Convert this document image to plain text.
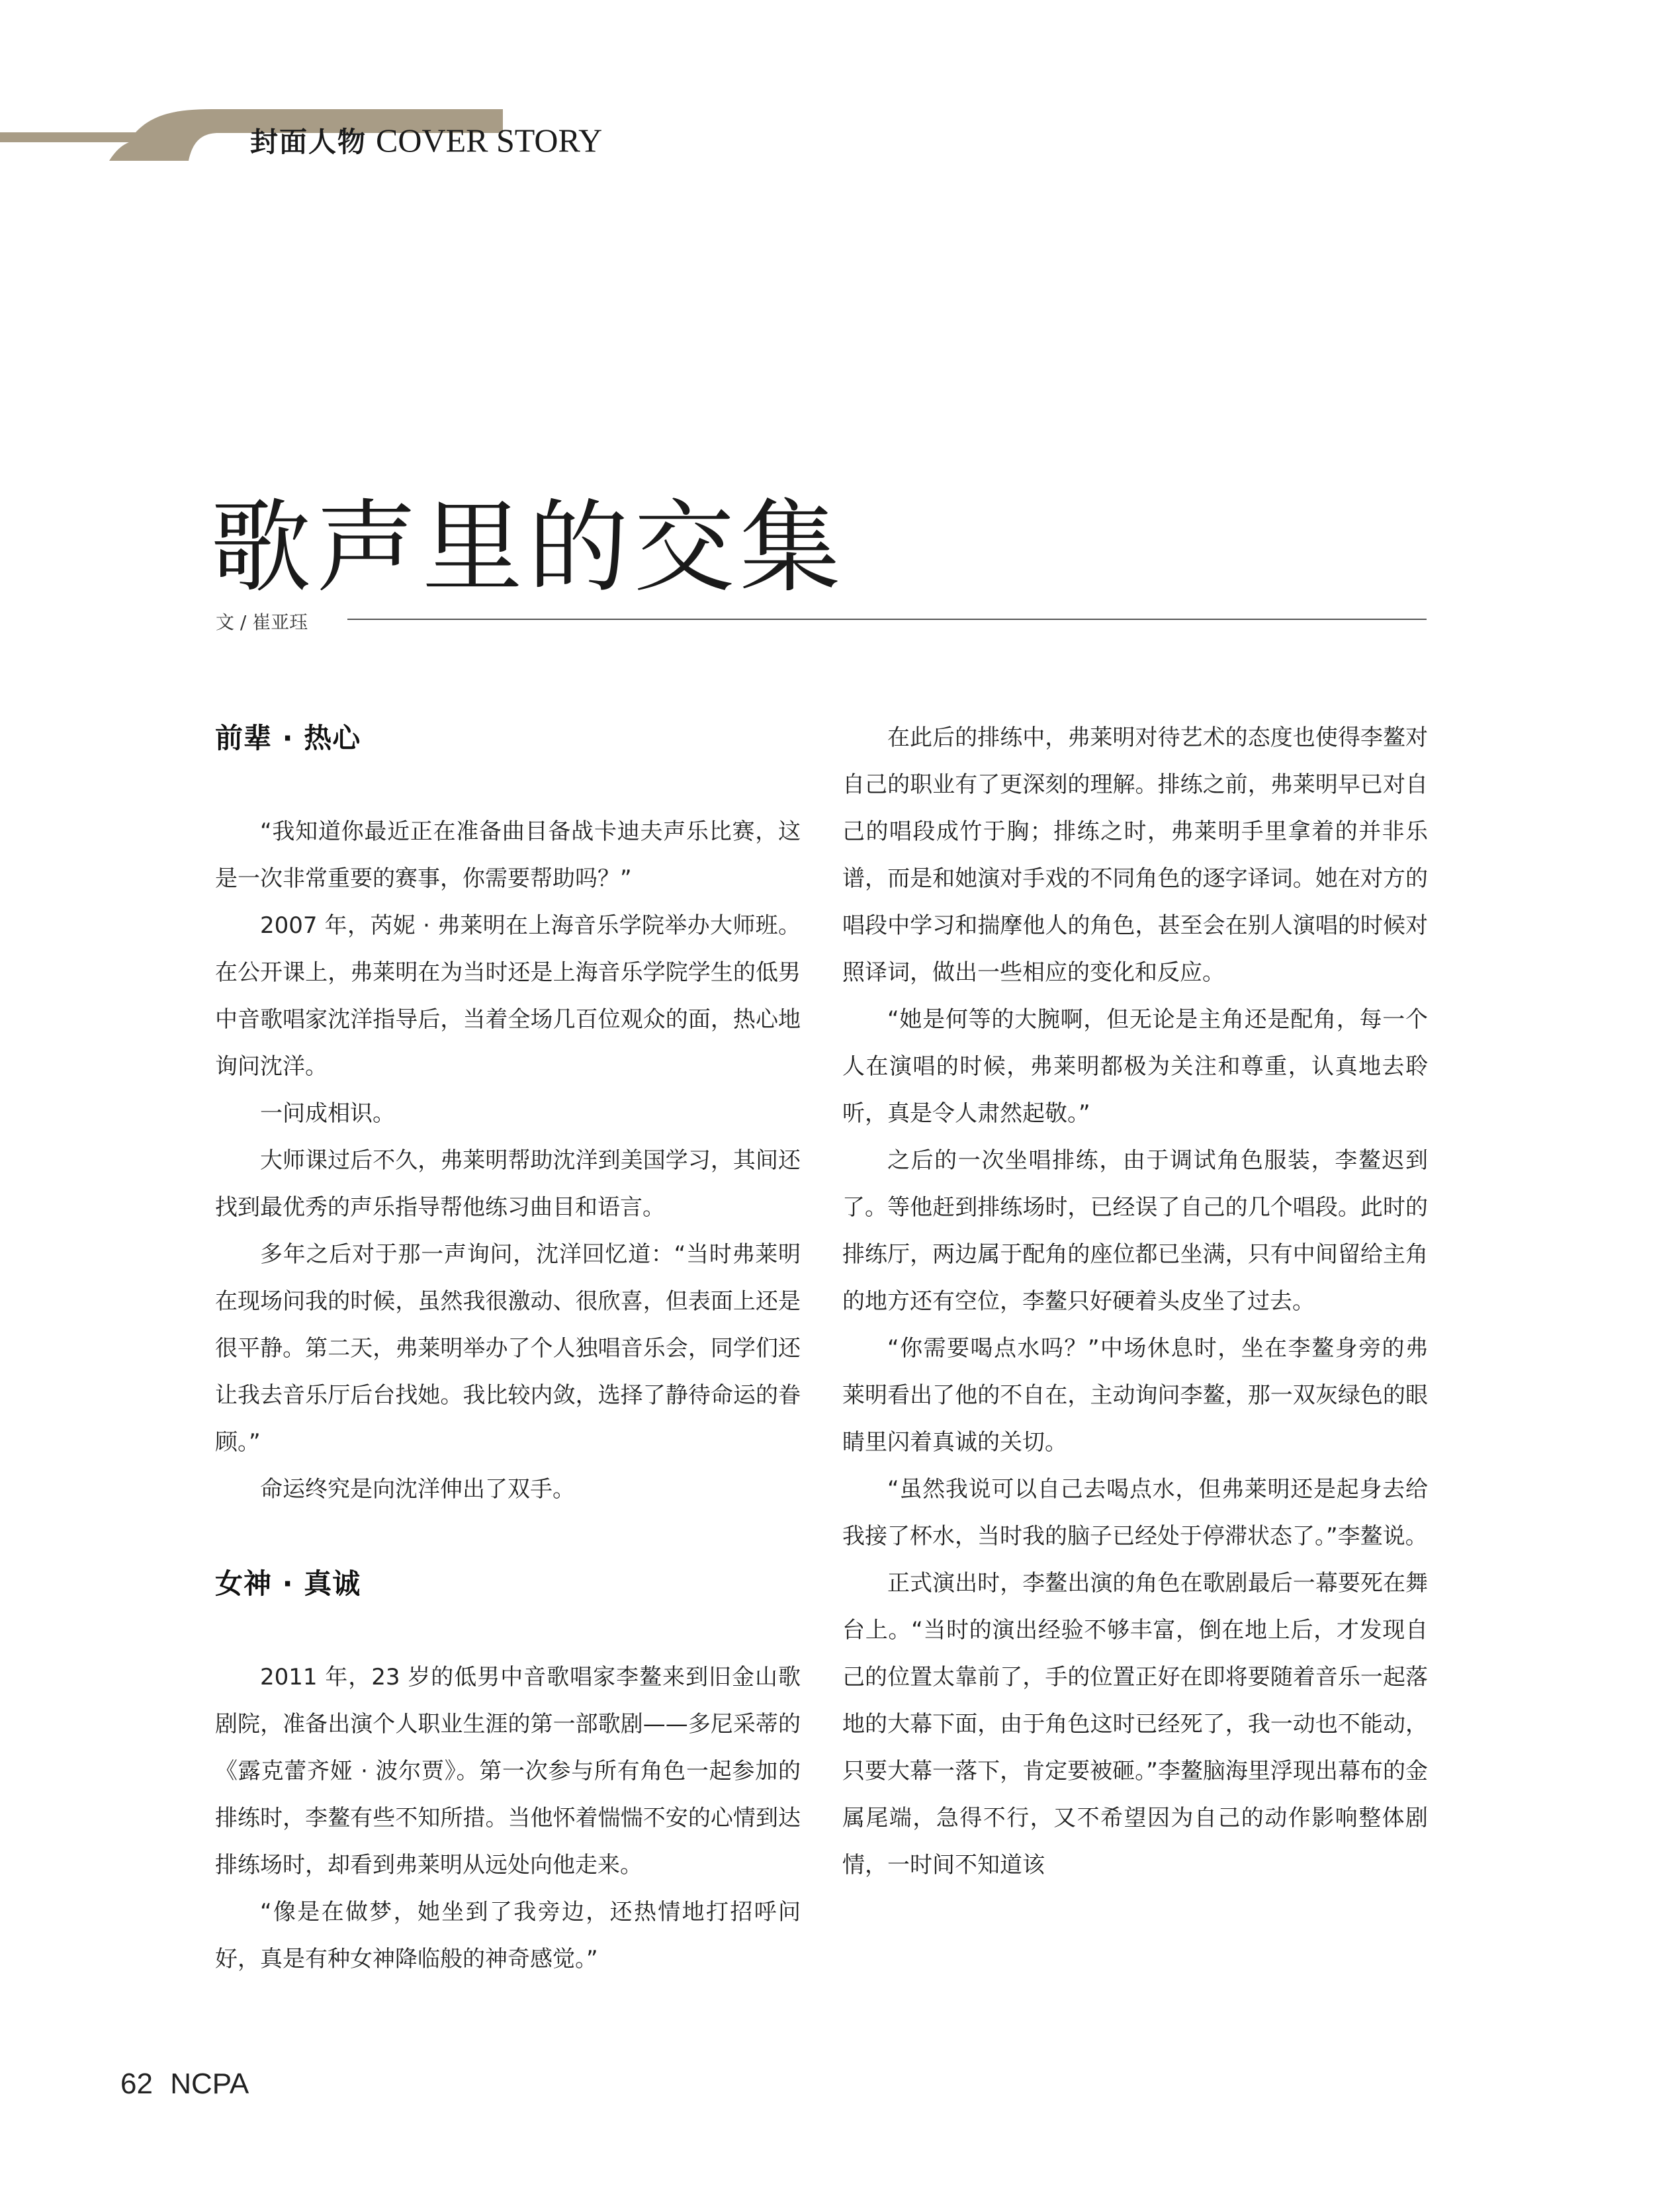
封面人物 COVER STORY
歌声里的交集
文 / 崔亚珏
前辈 · 热心

“我知道你最近正在准备曲目备战卡迪夫声乐比赛，这是一次非常重要的赛事，你需要帮助吗？”

2007 年，芮妮 · 弗莱明在上海音乐学院举办大师班。在公开课上，弗莱明在为当时还是上海音乐学院学生的低男中音歌唱家沈洋指导后，当着全场几百位观众的面，热心地询问沈洋。

一问成相识。

大师课过后不久，弗莱明帮助沈洋到美国学习，其间还找到最优秀的声乐指导帮他练习曲目和语言。

多年之后对于那一声询问，沈洋回忆道：“当时弗莱明在现场问我的时候，虽然我很激动、很欣喜，但表面上还是很平静。第二天，弗莱明举办了个人独唱音乐会，同学们还让我去音乐厅后台找她。我比较内敛，选择了静待命运的眷顾。”

命运终究是向沈洋伸出了双手。

女神 · 真诚

2011 年，23 岁的低男中音歌唱家李鳌来到旧金山歌剧院，准备出演个人职业生涯的第一部歌剧——多尼采蒂的《露克蕾齐娅 · 波尔贾》。第一次参与所有角色一起参加的排练时，李鳌有些不知所措。当他怀着惴惴不安的心情到达排练场时，却看到弗莱明从远处向他走来。

“像是在做梦，她坐到了我旁边，还热情地打招呼问好，真是有种女神降临般的神奇感觉。”

在此后的排练中，弗莱明对待艺术的态度也使得李鳌对自己的职业有了更深刻的理解。排练之前，弗莱明早已对自己的唱段成竹于胸；排练之时，弗莱明手里拿着的并非乐谱，而是和她演对手戏的不同角色的逐字译词。她在对方的唱段中学习和揣摩他人的角色，甚至会在别人演唱的时候对照译词，做出一些相应的变化和反应。

“她是何等的大腕啊，但无论是主角还是配角，每一个人在演唱的时候，弗莱明都极为关注和尊重，认真地去聆听，真是令人肃然起敬。”

之后的一次坐唱排练，由于调试角色服装，李鳌迟到了。等他赶到排练场时，已经误了自己的几个唱段。此时的排练厅，两边属于配角的座位都已坐满，只有中间留给主角的地方还有空位，李鳌只好硬着头皮坐了过去。

“你需要喝点水吗？”中场休息时，坐在李鳌身旁的弗莱明看出了他的不自在，主动询问李鳌，那一双灰绿色的眼睛里闪着真诚的关切。

“虽然我说可以自己去喝点水，但弗莱明还是起身去给我接了杯水，当时我的脑子已经处于停滞状态了。”李鳌说。

正式演出时，李鳌出演的角色在歌剧最后一幕要死在舞台上。“当时的演出经验不够丰富，倒在地上后，才发现自己的位置太靠前了，手的位置正好在即将要随着音乐一起落地的大幕下面，由于角色这时已经死了，我一动也不能动，只要大幕一落下，肯定要被砸。”李鳌脑海里浮现出幕布的金属尾端，急得不行，又不希望因为自己的动作影响整体剧情，一时间不知道该

62 NCPA
